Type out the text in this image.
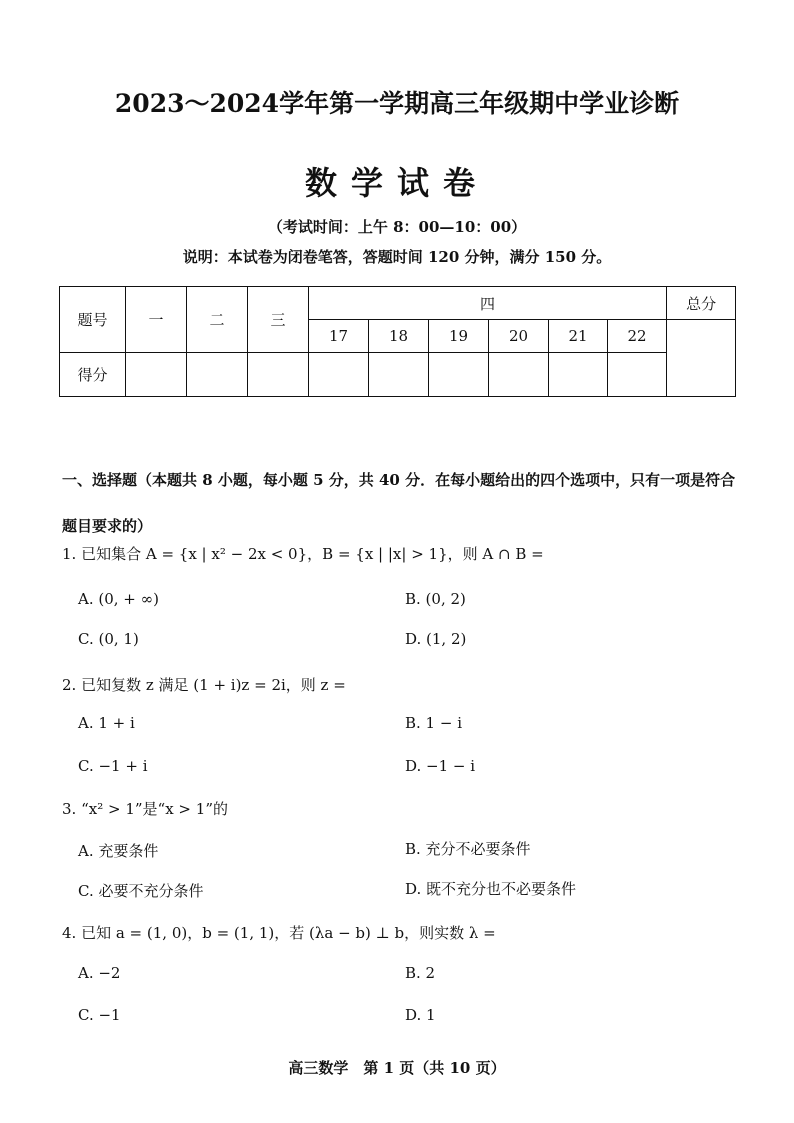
2023～2024学年第一学期高三年级期中学业诊断
数学试卷
（考试时间：上午 8：00—10：00）
说明：本试卷为闭卷笔答，答题时间 120 分钟，满分 150 分。
题号	一	二	三	四						总分
				17	18	19	20	21	22	
得分										
一、选择题（本题共 8 小题，每小题 5 分，共 40 分．在每小题给出的四个选项中，只有一项是符合题目要求的）
1. 已知集合 A = {x | x² − 2x < 0}，B = {x | |x| > 1}，则 A ∩ B =
A. (0, + ∞)	B. (0, 2)
C. (0, 1)	D. (1, 2)
2. 已知复数 z 满足 (1 + i)z = 2i，则 z =
A. 1 + i	B. 1 − i
C. −1 + i	D. −1 − i
3. “x² > 1”是“x > 1”的
A. 充要条件	B. 充分不必要条件
C. 必要不充分条件	D. 既不充分也不必要条件
4. 已知 a = (1, 0)，b = (1, 1)，若 (λa − b) ⊥ b，则实数 λ =
A. −2	B. 2
C. −1	D. 1
高三数学　第 1 页（共 10 页）
